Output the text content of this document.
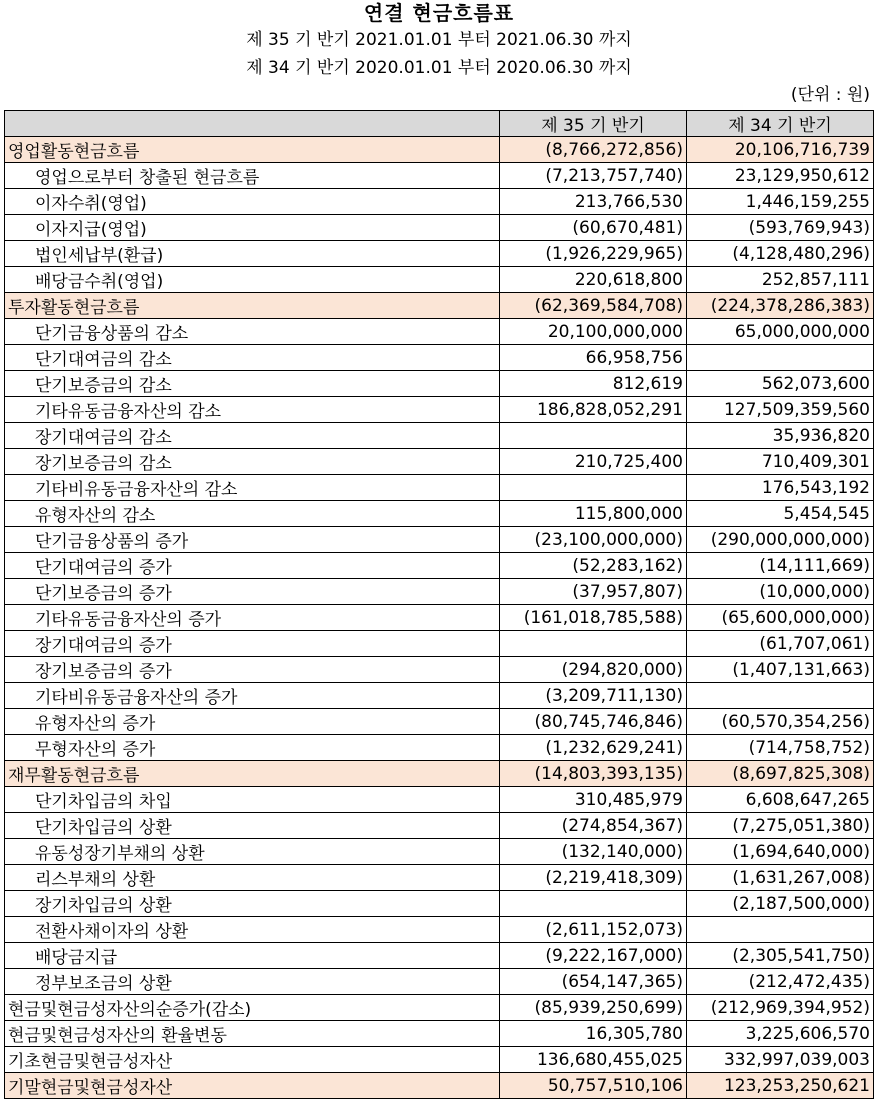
연결 현금흐름표
제 35 기 반기 2021.01.01 부터 2021.06.30 까지
제 34 기 반기 2020.01.01 부터 2020.06.30 까지
(단위 : 원)
	제 35 기 반기	제 34 기 반기
영업활동현금흐름	(8,766,272,856)	20,106,716,739
영업으로부터 창출된 현금흐름	(7,213,757,740)	23,129,950,612
이자수취(영업)	213,766,530	1,446,159,255
이자지급(영업)	(60,670,481)	(593,769,943)
법인세납부(환급)	(1,926,229,965)	(4,128,480,296)
배당금수취(영업)	220,618,800	252,857,111
투자활동현금흐름	(62,369,584,708)	(224,378,286,383)
단기금융상품의 감소	20,100,000,000	65,000,000,000
단기대여금의 감소	66,958,756	
단기보증금의 감소	812,619	562,073,600
기타유동금융자산의 감소	186,828,052,291	127,509,359,560
장기대여금의 감소		35,936,820
장기보증금의 감소	210,725,400	710,409,301
기타비유동금융자산의 감소		176,543,192
유형자산의 감소	115,800,000	5,454,545
단기금융상품의 증가	(23,100,000,000)	(290,000,000,000)
단기대여금의 증가	(52,283,162)	(14,111,669)
단기보증금의 증가	(37,957,807)	(10,000,000)
기타유동금융자산의 증가	(161,018,785,588)	(65,600,000,000)
장기대여금의 증가		(61,707,061)
장기보증금의 증가	(294,820,000)	(1,407,131,663)
기타비유동금융자산의 증가	(3,209,711,130)	
유형자산의 증가	(80,745,746,846)	(60,570,354,256)
무형자산의 증가	(1,232,629,241)	(714,758,752)
재무활동현금흐름	(14,803,393,135)	(8,697,825,308)
단기차입금의 차입	310,485,979	6,608,647,265
단기차입금의 상환	(274,854,367)	(7,275,051,380)
유동성장기부채의 상환	(132,140,000)	(1,694,640,000)
리스부채의 상환	(2,219,418,309)	(1,631,267,008)
장기차입금의 상환		(2,187,500,000)
전환사채이자의 상환	(2,611,152,073)	
배당금지급	(9,222,167,000)	(2,305,541,750)
정부보조금의 상환	(654,147,365)	(212,472,435)
현금및현금성자산의순증가(감소)	(85,939,250,699)	(212,969,394,952)
현금및현금성자산의 환율변동	16,305,780	3,225,606,570
기초현금및현금성자산	136,680,455,025	332,997,039,003
기말현금및현금성자산	50,757,510,106	123,253,250,621
